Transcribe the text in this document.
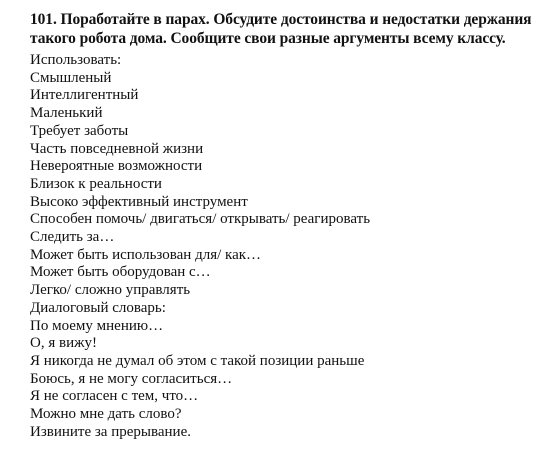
101. Поработайте в парах. Обсудите достоинства и недостатки держания
такого робота дома. Сообщите свои разные аргументы всему классу.
Использовать:
Смышленый
Интеллигентный
Маленький
Требует заботы
Часть повседневной жизни
Невероятные возможности
Близок к реальности
Высоко эффективный инструмент
Способен помочь/ двигаться/ открывать/ реагировать
Следить за…
Может быть использован для/ как…
Может быть оборудован с…
Легко/ сложно управлять
Диалоговый словарь:
По моему мнению…
О, я вижу!
Я никогда не думал об этом с такой позиции раньше
Боюсь, я не могу согласиться…
Я не согласен с тем, что…
Можно мне дать слово?
Извините за прерывание.
